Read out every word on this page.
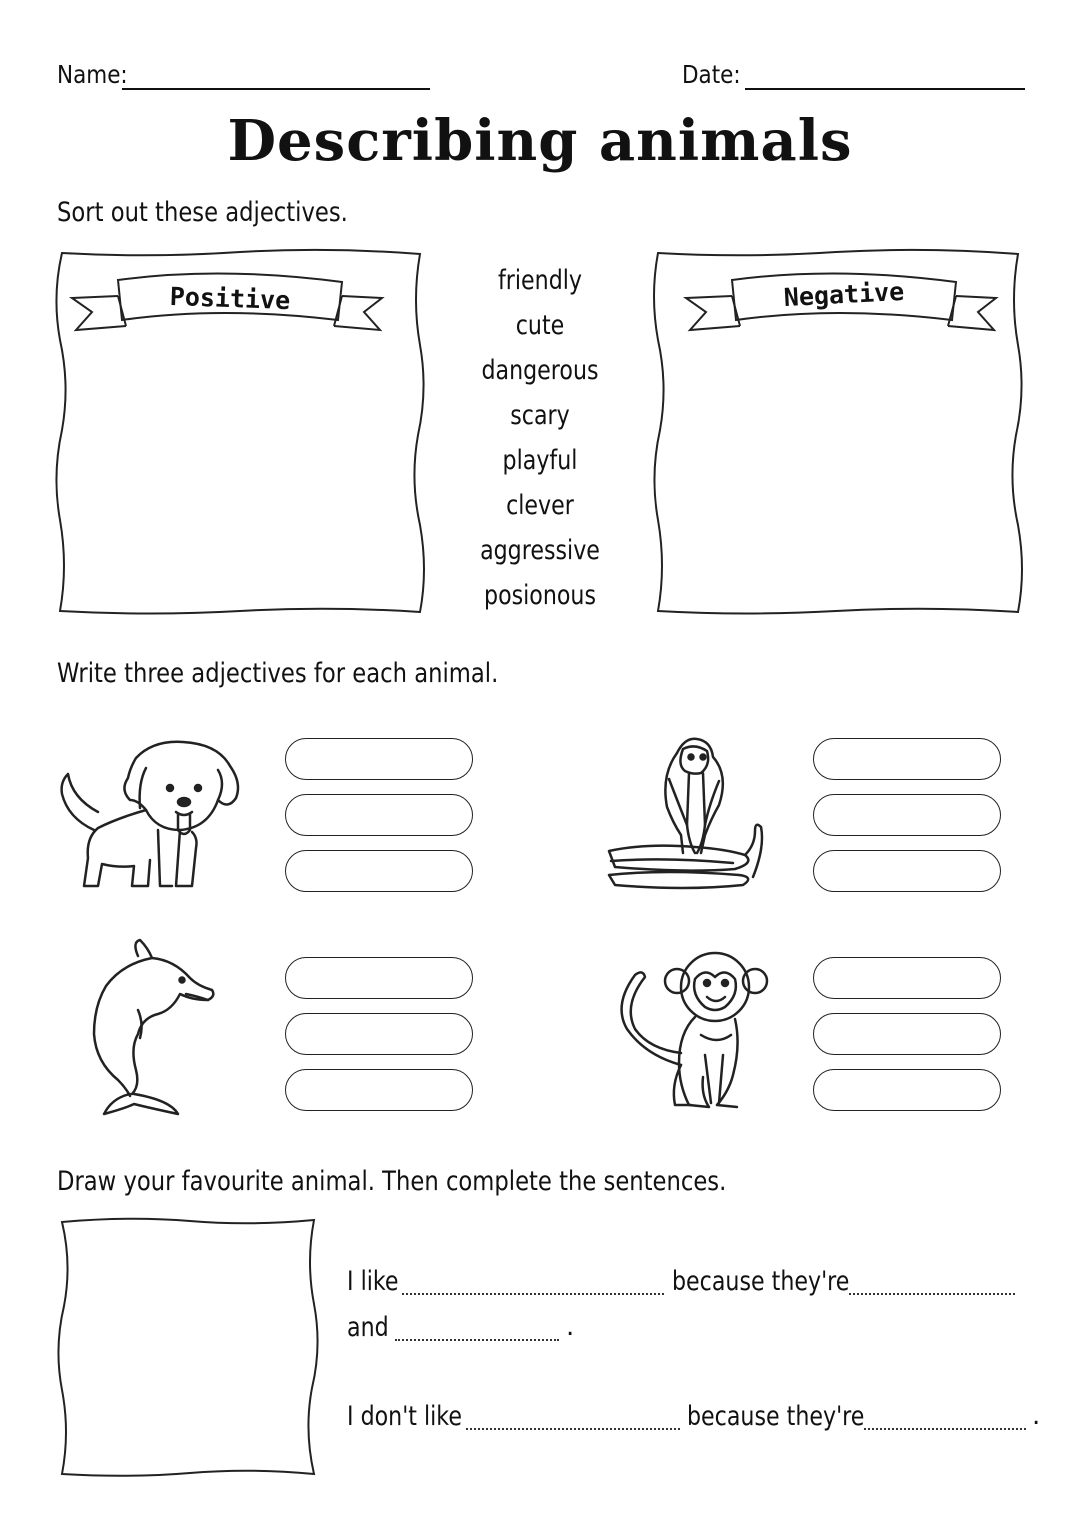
Name:	Date:
Describing animals
Sort out these adjectives.
Positive	Negative
friendly
cute
dangerous
scary
playful
clever
aggressive
posionous
Write three adjectives for each animal.
Draw your favourite animal. Then complete the sentences.
I like	because they're
and	.
I don't like	because they're	.
